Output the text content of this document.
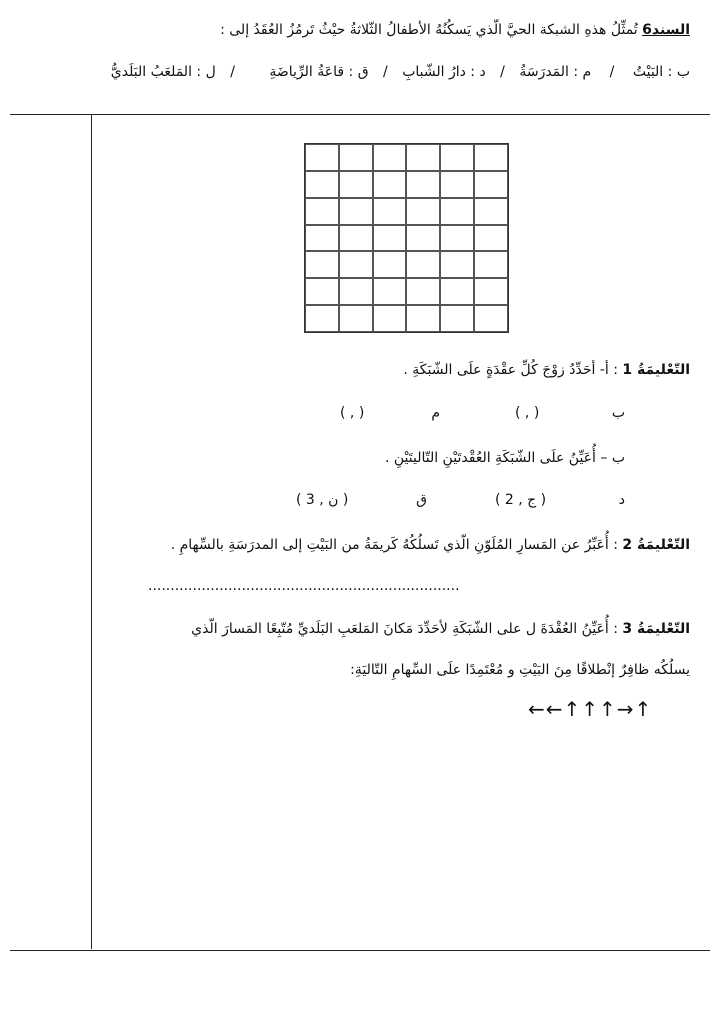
السند6 تُمثِّلُ هذهِ الشبكة الحيَّ الّذي يَسكُنُهُ الأطفالُ الثّلاثةُ حيْثُ تَرمُزُ العُقَدُ إلى :
ب : البَيْتُ / م : المَدرَسَةُ / د : دارُ الشّبابِ / ق : قاعَةُ الرِّياضَةِ / ل : المَلعَبُ البَلَديُّ
التّعْليمَةُ 1 : أ- أحَدِّدُ زوْجَ كُلِّ عقْدَةٍ علَى الشّبَكَةِ .
ب
( , )
م
( , )
ب – أُعَيِّنُ علَى الشّبَكَةِ العُقْدتَيْنِ التّاليتَيْنِ .
د
( 2 , ج )
ق
( 3 , ن )
التّعْليمَةُ 2 : أُعَبِّرُ عن المَسارِ المُلَوّنِ الّذي تَسلُكُهُ كَريمَةُ من البَيْتِ إلى المدرَسَةِ بالسِّهامِ .
......................................................................
التّعْليمَةُ 3 : أُعَيِّنُ العُقْدَةَ ل على الشّبَكَةِ لأحَدِّدَ مَكانَ المَلعَبِ البَلَديِّ مُتّبِعًا المَسارَ الّذي
يسلُكُه ظافِرٌ إنْطلاقًا مِنَ البَيْتِ و مُعْتَمِدًا علَى السِّهامِ التّاليَةِ:
←←↑↑↑→↑
